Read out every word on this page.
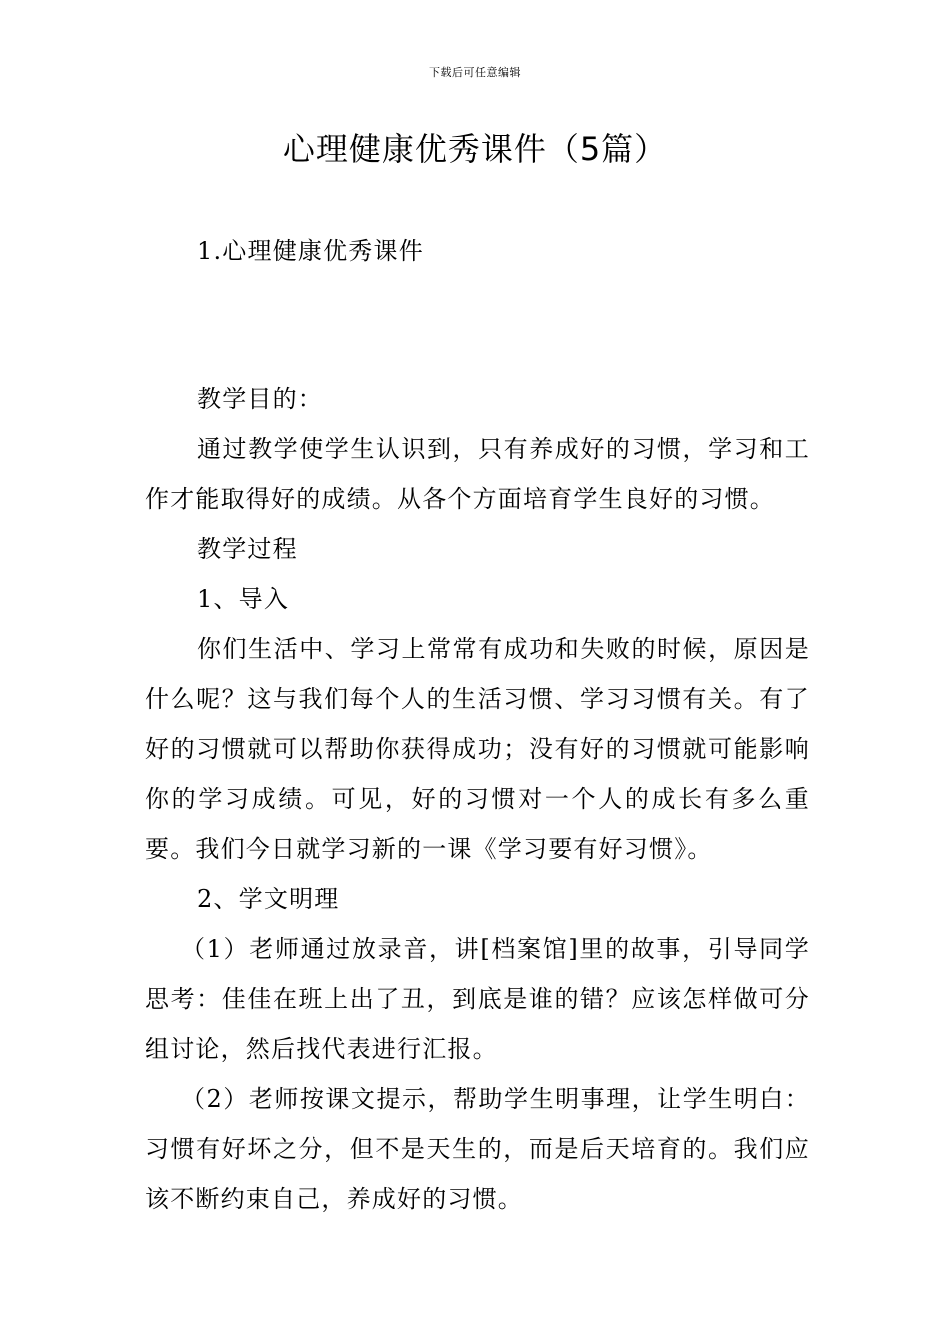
下载后可任意编辑
心理健康优秀课件（5篇）

1.心理健康优秀课件

教学目的：

通过教学使学生认识到，只有养成好的习惯，学习和工作才能取得好的成绩。从各个方面培育学生良好的习惯。

教学过程

1、导入

你们生活中、学习上常常有成功和失败的时候，原因是什么呢？这与我们每个人的生活习惯、学习习惯有关。有了好的习惯就可以帮助你获得成功；没有好的习惯就可能影响你的学习成绩。可见，好的习惯对一个人的成长有多么重要。我们今日就学习新的一课《学习要有好习惯》。

2、学文明理

（1）老师通过放录音，讲[档案馆]里的故事，引导同学思考：佳佳在班上出了丑，到底是谁的错？应该怎样做可分组讨论，然后找代表进行汇报。

（2）老师按课文提示，帮助学生明事理，让学生明白：习惯有好坏之分，但不是天生的，而是后天培育的。我们应该不断约束自己，养成好的习惯。
